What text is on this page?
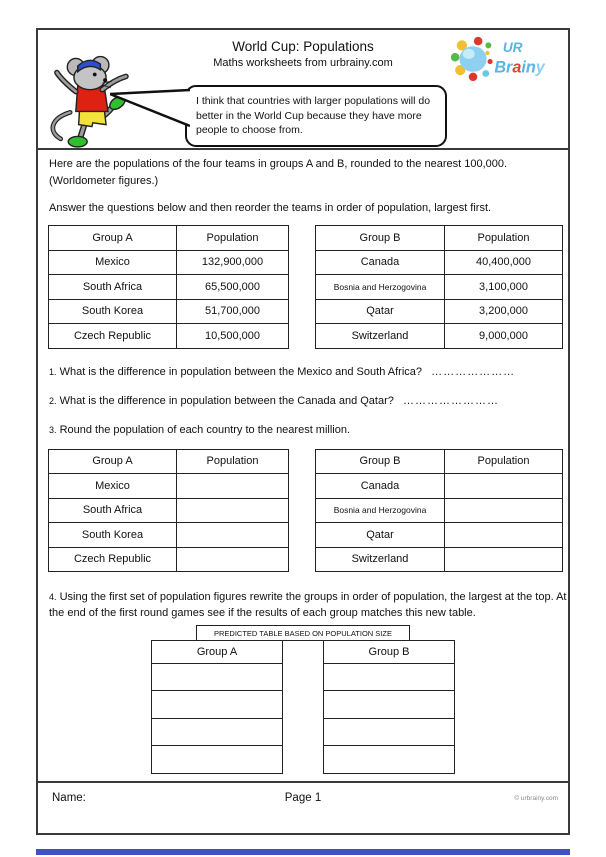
World Cup: Populations
Maths worksheets from urbrainy.com
UR
Brainy
I think that countries with larger populations will do better in the World Cup because they have more people to choose from.

Here are the populations of the four teams in groups A and B, rounded to the nearest 100,000. (Worldometer figures.)

Answer the questions below and then reorder the teams in order of population, largest first.

Group A	Population
Mexico	132,900,000
South Africa	65,500,000
South Korea	51,700,000
Czech Republic	10,500,000
Group B	Population
Canada	40,400,000
Bosnia and Herzogovina	3,100,000
Qatar	3,200,000
Switzerland	9,000,000
1. What is the difference in population between the Mexico and South Africa? …………………
2. What is the difference in population between the Canada and Qatar? ……………………
3. Round the population of each country to the nearest million.
Group A	Population
Mexico	
South Africa	
South Korea	
Czech Republic	
Group B	Population
Canada	
Bosnia and Herzogovina	
Qatar	
Switzerland	
4. Using the first set of population figures rewrite the groups in order of population, the largest at the top. At the end of the first round games see if the results of each group matches this new table.
PREDICTED TABLE BASED ON POPULATION SIZE
Group A	Group B

Name:	Page 1	© urbrainy.com
